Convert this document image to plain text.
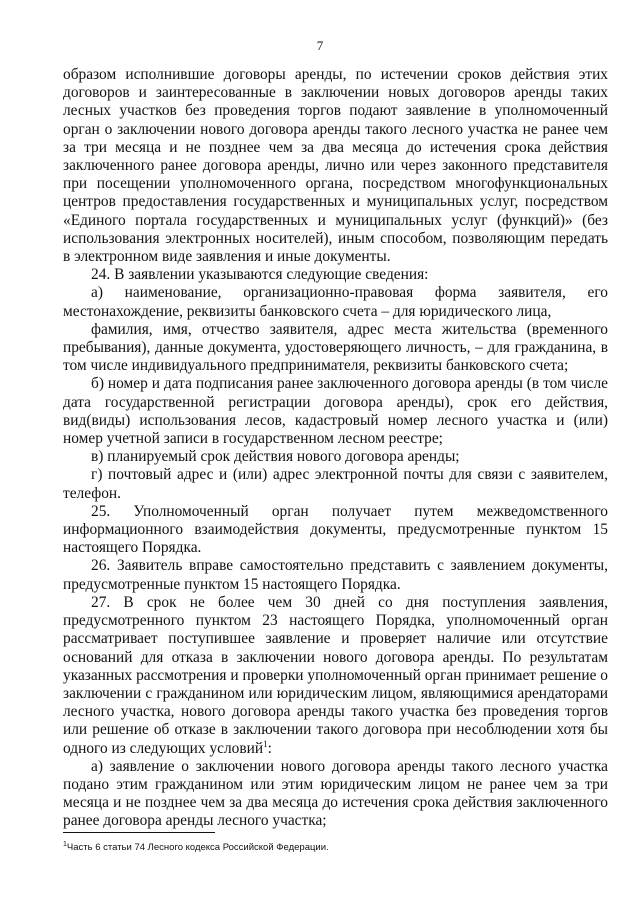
7

образом исполнившие договоры аренды, по истечении сроков действия этих договоров и заинтересованные в заключении новых договоров аренды таких лесных участков без проведения торгов подают заявление в уполномоченный орган о заключении нового договора аренды такого лесного участка не ранее чем за три месяца и не позднее чем за два месяца до истечения срока действия заключенного ранее договора аренды, лично или через законного представителя при посещении уполномоченного органа, посредством многофункциональных центров предоставления государственных и муниципальных услуг, посредством «Единого портала государственных и муниципальных услуг (функций)» (без использования электронных носителей), иным способом, позволяющим передать в электронном виде заявления и иные документы.

24. В заявлении указываются следующие сведения:

а) наименование, организационно-правовая форма заявителя, его местонахождение, реквизиты банковского счета – для юридического лица,

фамилия, имя, отчество заявителя, адрес места жительства (временного пребывания), данные документа, удостоверяющего личность, – для гражданина, в том числе индивидуального предпринимателя, реквизиты банковского счета;

б) номер и дата подписания ранее заключенного договора аренды (в том числе дата государственной регистрации договора аренды), срок его действия, вид(виды) использования лесов, кадастровый номер лесного участка и (или) номер учетной записи в государственном лесном реестре;

в) планируемый срок действия нового договора аренды;

г) почтовый адрес и (или) адрес электронной почты для связи с заявителем, телефон.

25. Уполномоченный орган получает путем межведомственного информационного взаимодействия документы, предусмотренные пунктом 15 настоящего Порядка.

26. Заявитель вправе самостоятельно представить с заявлением документы, предусмотренные пунктом 15 настоящего Порядка.

27. В срок не более чем 30 дней со дня поступления заявления, предусмотренного пунктом 23 настоящего Порядка, уполномоченный орган рассматривает поступившее заявление и проверяет наличие или отсутствие оснований для отказа в заключении нового договора аренды. По результатам указанных рассмотрения и проверки уполномоченный орган принимает решение о заключении с гражданином или юридическим лицом, являющимися арендаторами лесного участка, нового договора аренды такого участка без проведения торгов или решение об отказе в заключении такого договора при несоблюдении хотя бы одного из следующих условий$^1$:

а) заявление о заключении нового договора аренды такого лесного участка подано этим гражданином или этим юридическим лицом не ранее чем за три месяца и не позднее чем за два месяца до истечения срока действия заключенного ранее договора аренды лесного участка;

$^1$Часть 6 статьи 74 Лесного кодекса Российской Федерации.
